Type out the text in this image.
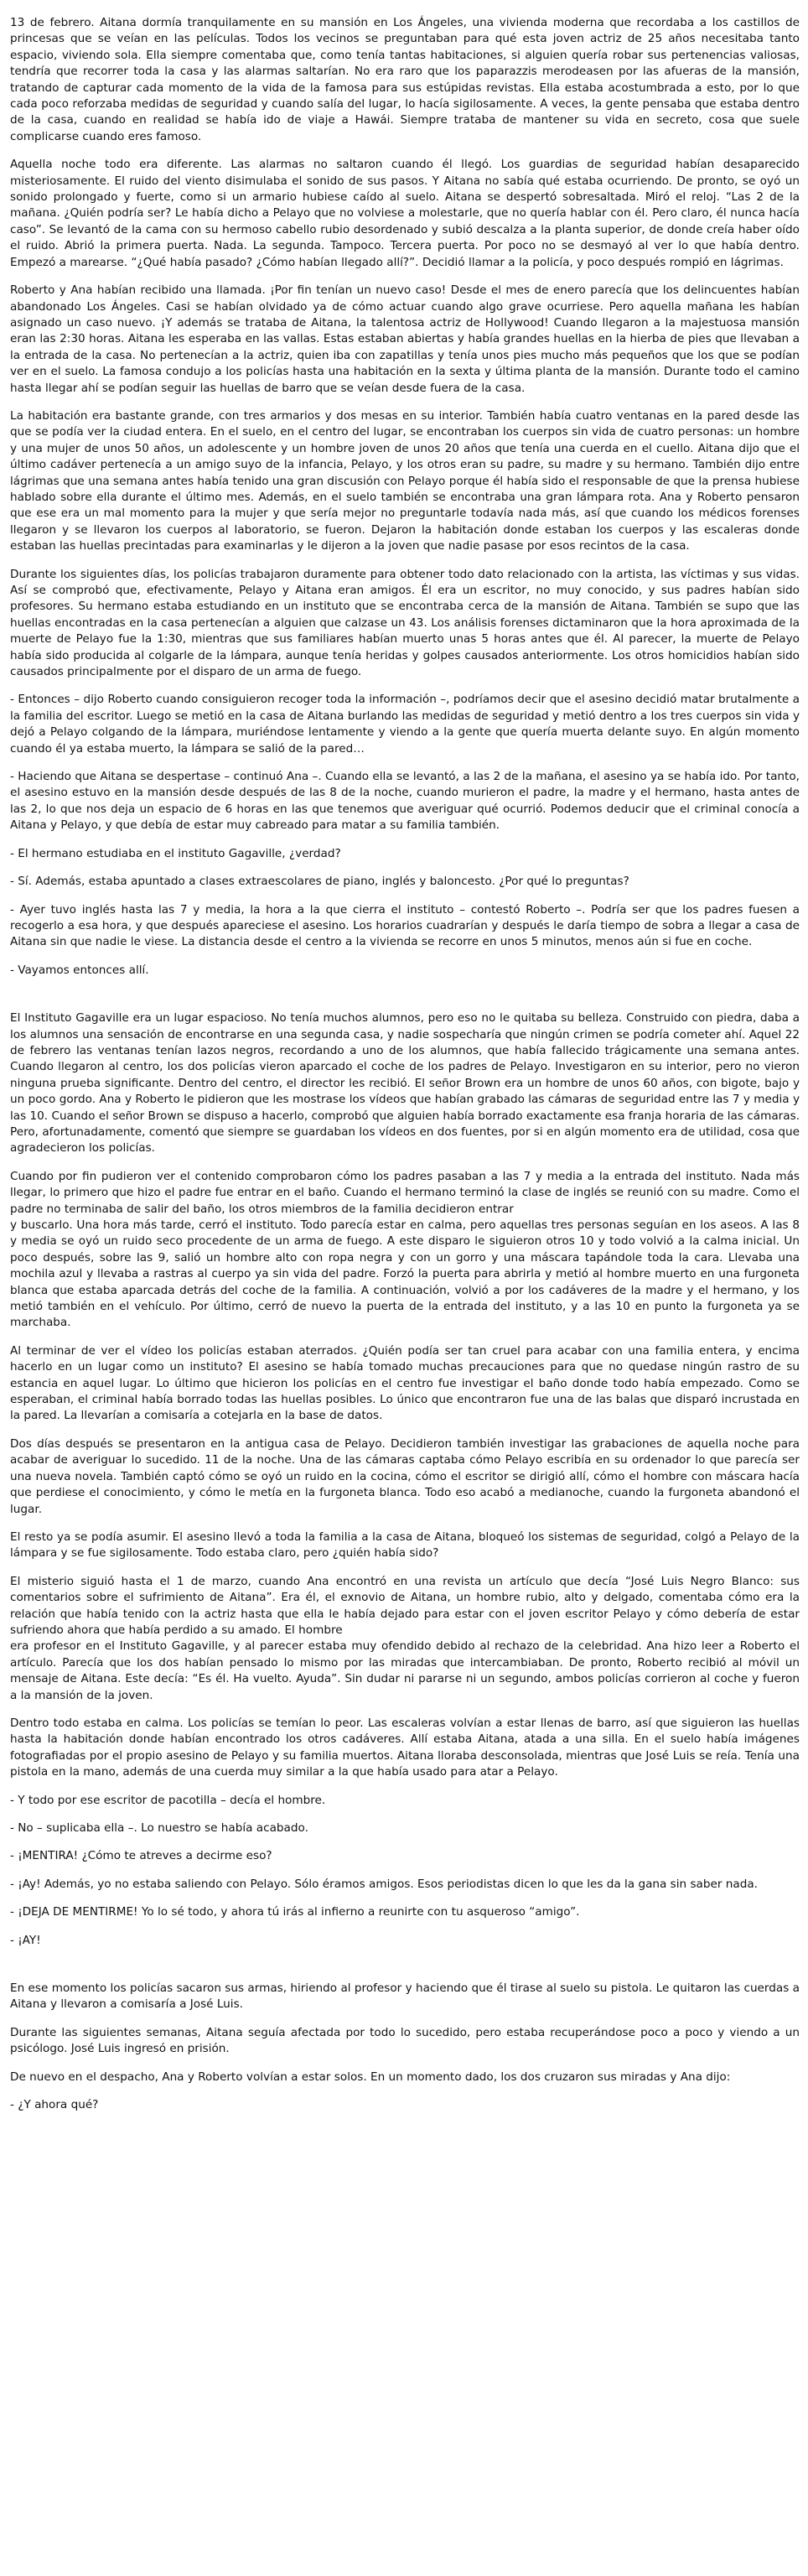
13 de febrero. Aitana dormía tranquilamente en su mansión en Los Ángeles, una vivienda moderna que recordaba a los castillos de princesas que se veían en las películas. Todos los vecinos se preguntaban para qué esta joven actriz de 25 años necesitaba tanto espacio, viviendo sola. Ella siempre comentaba que, como tenía tantas habitaciones, si alguien quería robar sus pertenencias valiosas, tendría que recorrer toda la casa y las alarmas saltarían. No era raro que los paparazzis merodeasen por las afueras de la mansión, tratando de capturar cada momento de la vida de la famosa para sus estúpidas revistas. Ella estaba acostumbrada a esto, por lo que cada poco reforzaba medidas de seguridad y cuando salía del lugar, lo hacía sigilosamente. A veces, la gente pensaba que estaba dentro de la casa, cuando en realidad se había ido de viaje a Hawái. Siempre trataba de mantener su vida en secreto, cosa que suele complicarse cuando eres famoso.

Aquella noche todo era diferente. Las alarmas no saltaron cuando él llegó. Los guardias de seguridad habían desaparecido misteriosamente. El ruido del viento disimulaba el sonido de sus pasos. Y Aitana no sabía qué estaba ocurriendo. De pronto, se oyó un sonido prolongado y fuerte, como si un armario hubiese caído al suelo. Aitana se despertó sobresaltada. Miró el reloj. “Las 2 de la mañana. ¿Quién podría ser? Le había dicho a Pelayo que no volviese a molestarle, que no quería hablar con él. Pero claro, él nunca hacía caso”. Se levantó de la cama con su hermoso cabello rubio desordenado y subió descalza a la planta superior, de donde creía haber oído el ruido. Abrió la primera puerta. Nada. La segunda. Tampoco. Tercera puerta. Por poco no se desmayó al ver lo que había dentro. Empezó a marearse. “¿Qué había pasado? ¿Cómo habían llegado allí?”. Decidió llamar a la policía, y poco después rompió en lágrimas.

Roberto y Ana habían recibido una llamada. ¡Por fin tenían un nuevo caso! Desde el mes de enero parecía que los delincuentes habían abandonado Los Ángeles. Casi se habían olvidado ya de cómo actuar cuando algo grave ocurriese. Pero aquella mañana les habían asignado un caso nuevo. ¡Y además se trataba de Aitana, la talentosa actriz de Hollywood! Cuando llegaron a la majestuosa mansión eran las 2:30 horas. Aitana les esperaba en las vallas. Estas estaban abiertas y había grandes huellas en la hierba de pies que llevaban a la entrada de la casa. No pertenecían a la actriz, quien iba con zapatillas y tenía unos pies mucho más pequeños que los que se podían ver en el suelo. La famosa condujo a los policías hasta una habitación en la sexta y última planta de la mansión. Durante todo el camino hasta llegar ahí se podían seguir las huellas de barro que se veían desde fuera de la casa.

La habitación era bastante grande, con tres armarios y dos mesas en su interior. También había cuatro ventanas en la pared desde las que se podía ver la ciudad entera. En el suelo, en el centro del lugar, se encontraban los cuerpos sin vida de cuatro personas: un hombre y una mujer de unos 50 años, un adolescente y un hombre joven de unos 20 años que tenía una cuerda en el cuello. Aitana dijo que el último cadáver pertenecía a un amigo suyo de la infancia, Pelayo, y los otros eran su padre, su madre y su hermano. También dijo entre lágrimas que una semana antes había tenido una gran discusión con Pelayo porque él había sido el responsable de que la prensa hubiese hablado sobre ella durante el último mes. Además, en el suelo también se encontraba una gran lámpara rota. Ana y Roberto pensaron que ese era un mal momento para la mujer y que sería mejor no preguntarle todavía nada más, así que cuando los médicos forenses llegaron y se llevaron los cuerpos al laboratorio, se fueron. Dejaron la habitación donde estaban los cuerpos y las escaleras donde estaban las huellas precintadas para examinarlas y le dijeron a la joven que nadie pasase por esos recintos de la casa.

Durante los siguientes días, los policías trabajaron duramente para obtener todo dato relacionado con la artista, las víctimas y sus vidas. Así se comprobó que, efectivamente, Pelayo y Aitana eran amigos. Él era un escritor, no muy conocido, y sus padres habían sido profesores. Su hermano estaba estudiando en un instituto que se encontraba cerca de la mansión de Aitana. También se supo que las huellas encontradas en la casa pertenecían a alguien que calzase un 43. Los análisis forenses dictaminaron que la hora aproximada de la muerte de Pelayo fue la 1:30, mientras que sus familiares habían muerto unas 5 horas antes que él. Al parecer, la muerte de Pelayo había sido producida al colgarle de la lámpara, aunque tenía heridas y golpes causados anteriormente. Los otros homicidios habían sido causados principalmente por el disparo de un arma de fuego.

- Entonces – dijo Roberto cuando consiguieron recoger toda la información –, podríamos decir que el asesino decidió matar brutalmente a la familia del escritor. Luego se metió en la casa de Aitana burlando las medidas de seguridad y metió dentro a los tres cuerpos sin vida y dejó a Pelayo colgando de la lámpara, muriéndose lentamente y viendo a la gente que quería muerta delante suyo. En algún momento cuando él ya estaba muerto, la lámpara se salió de la pared…

- Haciendo que Aitana se despertase – continuó Ana –. Cuando ella se levantó, a las 2 de la mañana, el asesino ya se había ido. Por tanto, el asesino estuvo en la mansión desde después de las 8 de la noche, cuando murieron el padre, la madre y el hermano, hasta antes de las 2, lo que nos deja un espacio de 6 horas en las que tenemos que averiguar qué ocurrió. Podemos deducir que el criminal conocía a Aitana y Pelayo, y que debía de estar muy cabreado para matar a su familia también.

- El hermano estudiaba en el instituto Gagaville, ¿verdad?

- Sí. Además, estaba apuntado a clases extraescolares de piano, inglés y baloncesto. ¿Por qué lo preguntas?

- Ayer tuvo inglés hasta las 7 y media, la hora a la que cierra el instituto – contestó Roberto –. Podría ser que los padres fuesen a recogerlo a esa hora, y que después apareciese el asesino. Los horarios cuadrarían y después le daría tiempo de sobra a llegar a casa de Aitana sin que nadie le viese. La distancia desde el centro a la vivienda se recorre en unos 5 minutos, menos aún si fue en coche.

- Vayamos entonces allí.

El Instituto Gagaville era un lugar espacioso. No tenía muchos alumnos, pero eso no le quitaba su belleza. Construido con piedra, daba a los alumnos una sensación de encontrarse en una segunda casa, y nadie sospecharía que ningún crimen se podría cometer ahí. Aquel 22 de febrero las ventanas tenían lazos negros, recordando a uno de los alumnos, que había fallecido trágicamente una semana antes. Cuando llegaron al centro, los dos policías vieron aparcado el coche de los padres de Pelayo. Investigaron en su interior, pero no vieron ninguna prueba significante. Dentro del centro, el director les recibió. El señor Brown era un hombre de unos 60 años, con bigote, bajo y un poco gordo. Ana y Roberto le pidieron que les mostrase los vídeos que habían grabado las cámaras de seguridad entre las 7 y media y las 10. Cuando el señor Brown se dispuso a hacerlo, comprobó que alguien había borrado exactamente esa franja horaria de las cámaras. Pero, afortunadamente, comentó que siempre se guardaban los vídeos en dos fuentes, por si en algún momento era de utilidad, cosa que agradecieron los policías.

Cuando por fin pudieron ver el contenido comprobaron cómo los padres pasaban a las 7 y media a la entrada del instituto. Nada más llegar, lo primero que hizo el padre fue entrar en el baño. Cuando el hermano terminó la clase de inglés se reunió con su madre. Como el padre no terminaba de salir del baño, los otros miembros de la familia decidieron entrar

y buscarlo. Una hora más tarde, cerró el instituto. Todo parecía estar en calma, pero aquellas tres personas seguían en los aseos. A las 8 y media se oyó un ruido seco procedente de un arma de fuego. A este disparo le siguieron otros 10 y todo volvió a la calma inicial. Un poco después, sobre las 9, salió un hombre alto con ropa negra y con un gorro y una máscara tapándole toda la cara. Llevaba una mochila azul y llevaba a rastras al cuerpo ya sin vida del padre. Forzó la puerta para abrirla y metió al hombre muerto en una furgoneta blanca que estaba aparcada detrás del coche de la familia. A continuación, volvió a por los cadáveres de la madre y el hermano, y los metió también en el vehículo. Por último, cerró de nuevo la puerta de la entrada del instituto, y a las 10 en punto la furgoneta ya se marchaba.

Al terminar de ver el vídeo los policías estaban aterrados. ¿Quién podía ser tan cruel para acabar con una familia entera, y encima hacerlo en un lugar como un instituto? El asesino se había tomado muchas precauciones para que no quedase ningún rastro de su estancia en aquel lugar. Lo último que hicieron los policías en el centro fue investigar el baño donde todo había empezado. Como se esperaban, el criminal había borrado todas las huellas posibles. Lo único que encontraron fue una de las balas que disparó incrustada en la pared. La llevarían a comisaría a cotejarla en la base de datos.

Dos días después se presentaron en la antigua casa de Pelayo. Decidieron también investigar las grabaciones de aquella noche para acabar de averiguar lo sucedido. 11 de la noche. Una de las cámaras captaba cómo Pelayo escribía en su ordenador lo que parecía ser una nueva novela. También captó cómo se oyó un ruido en la cocina, cómo el escritor se dirigió allí, cómo el hombre con máscara hacía que perdiese el conocimiento, y cómo le metía en la furgoneta blanca. Todo eso acabó a medianoche, cuando la furgoneta abandonó el lugar.

El resto ya se podía asumir. El asesino llevó a toda la familia a la casa de Aitana, bloqueó los sistemas de seguridad, colgó a Pelayo de la lámpara y se fue sigilosamente. Todo estaba claro, pero ¿quién había sido?

El misterio siguió hasta el 1 de marzo, cuando Ana encontró en una revista un artículo que decía “José Luis Negro Blanco: sus comentarios sobre el sufrimiento de Aitana”. Era él, el exnovio de Aitana, un hombre rubio, alto y delgado, comentaba cómo era la relación que había tenido con la actriz hasta que ella le había dejado para estar con el joven escritor Pelayo y cómo debería de estar sufriendo ahora que había perdido a su amado. El hombre

era profesor en el Instituto Gagaville, y al parecer estaba muy ofendido debido al rechazo de la celebridad. Ana hizo leer a Roberto el artículo. Parecía que los dos habían pensado lo mismo por las miradas que intercambiaban. De pronto, Roberto recibió al móvil un mensaje de Aitana. Este decía: “Es él. Ha vuelto. Ayuda”. Sin dudar ni pararse ni un segundo, ambos policías corrieron al coche y fueron a la mansión de la joven.

Dentro todo estaba en calma. Los policías se temían lo peor. Las escaleras volvían a estar llenas de barro, así que siguieron las huellas hasta la habitación donde habían encontrado los otros cadáveres. Allí estaba Aitana, atada a una silla. En el suelo había imágenes fotografiadas por el propio asesino de Pelayo y su familia muertos. Aitana lloraba desconsolada, mientras que José Luis se reía. Tenía una pistola en la mano, además de una cuerda muy similar a la que había usado para atar a Pelayo.

- Y todo por ese escritor de pacotilla – decía el hombre.

- No – suplicaba ella –. Lo nuestro se había acabado.

- ¡MENTIRA! ¿Cómo te atreves a decirme eso?

- ¡Ay! Además, yo no estaba saliendo con Pelayo. Sólo éramos amigos. Esos periodistas dicen lo que les da la gana sin saber nada.

- ¡DEJA DE MENTIRME! Yo lo sé todo, y ahora tú irás al infierno a reunirte con tu asqueroso “amigo”.

- ¡AY!

En ese momento los policías sacaron sus armas, hiriendo al profesor y haciendo que él tirase al suelo su pistola. Le quitaron las cuerdas a Aitana y llevaron a comisaría a José Luis.

Durante las siguientes semanas, Aitana seguía afectada por todo lo sucedido, pero estaba recuperándose poco a poco y viendo a un psicólogo. José Luis ingresó en prisión.

De nuevo en el despacho, Ana y Roberto volvían a estar solos. En un momento dado, los dos cruzaron sus miradas y Ana dijo:

- ¿Y ahora qué?
